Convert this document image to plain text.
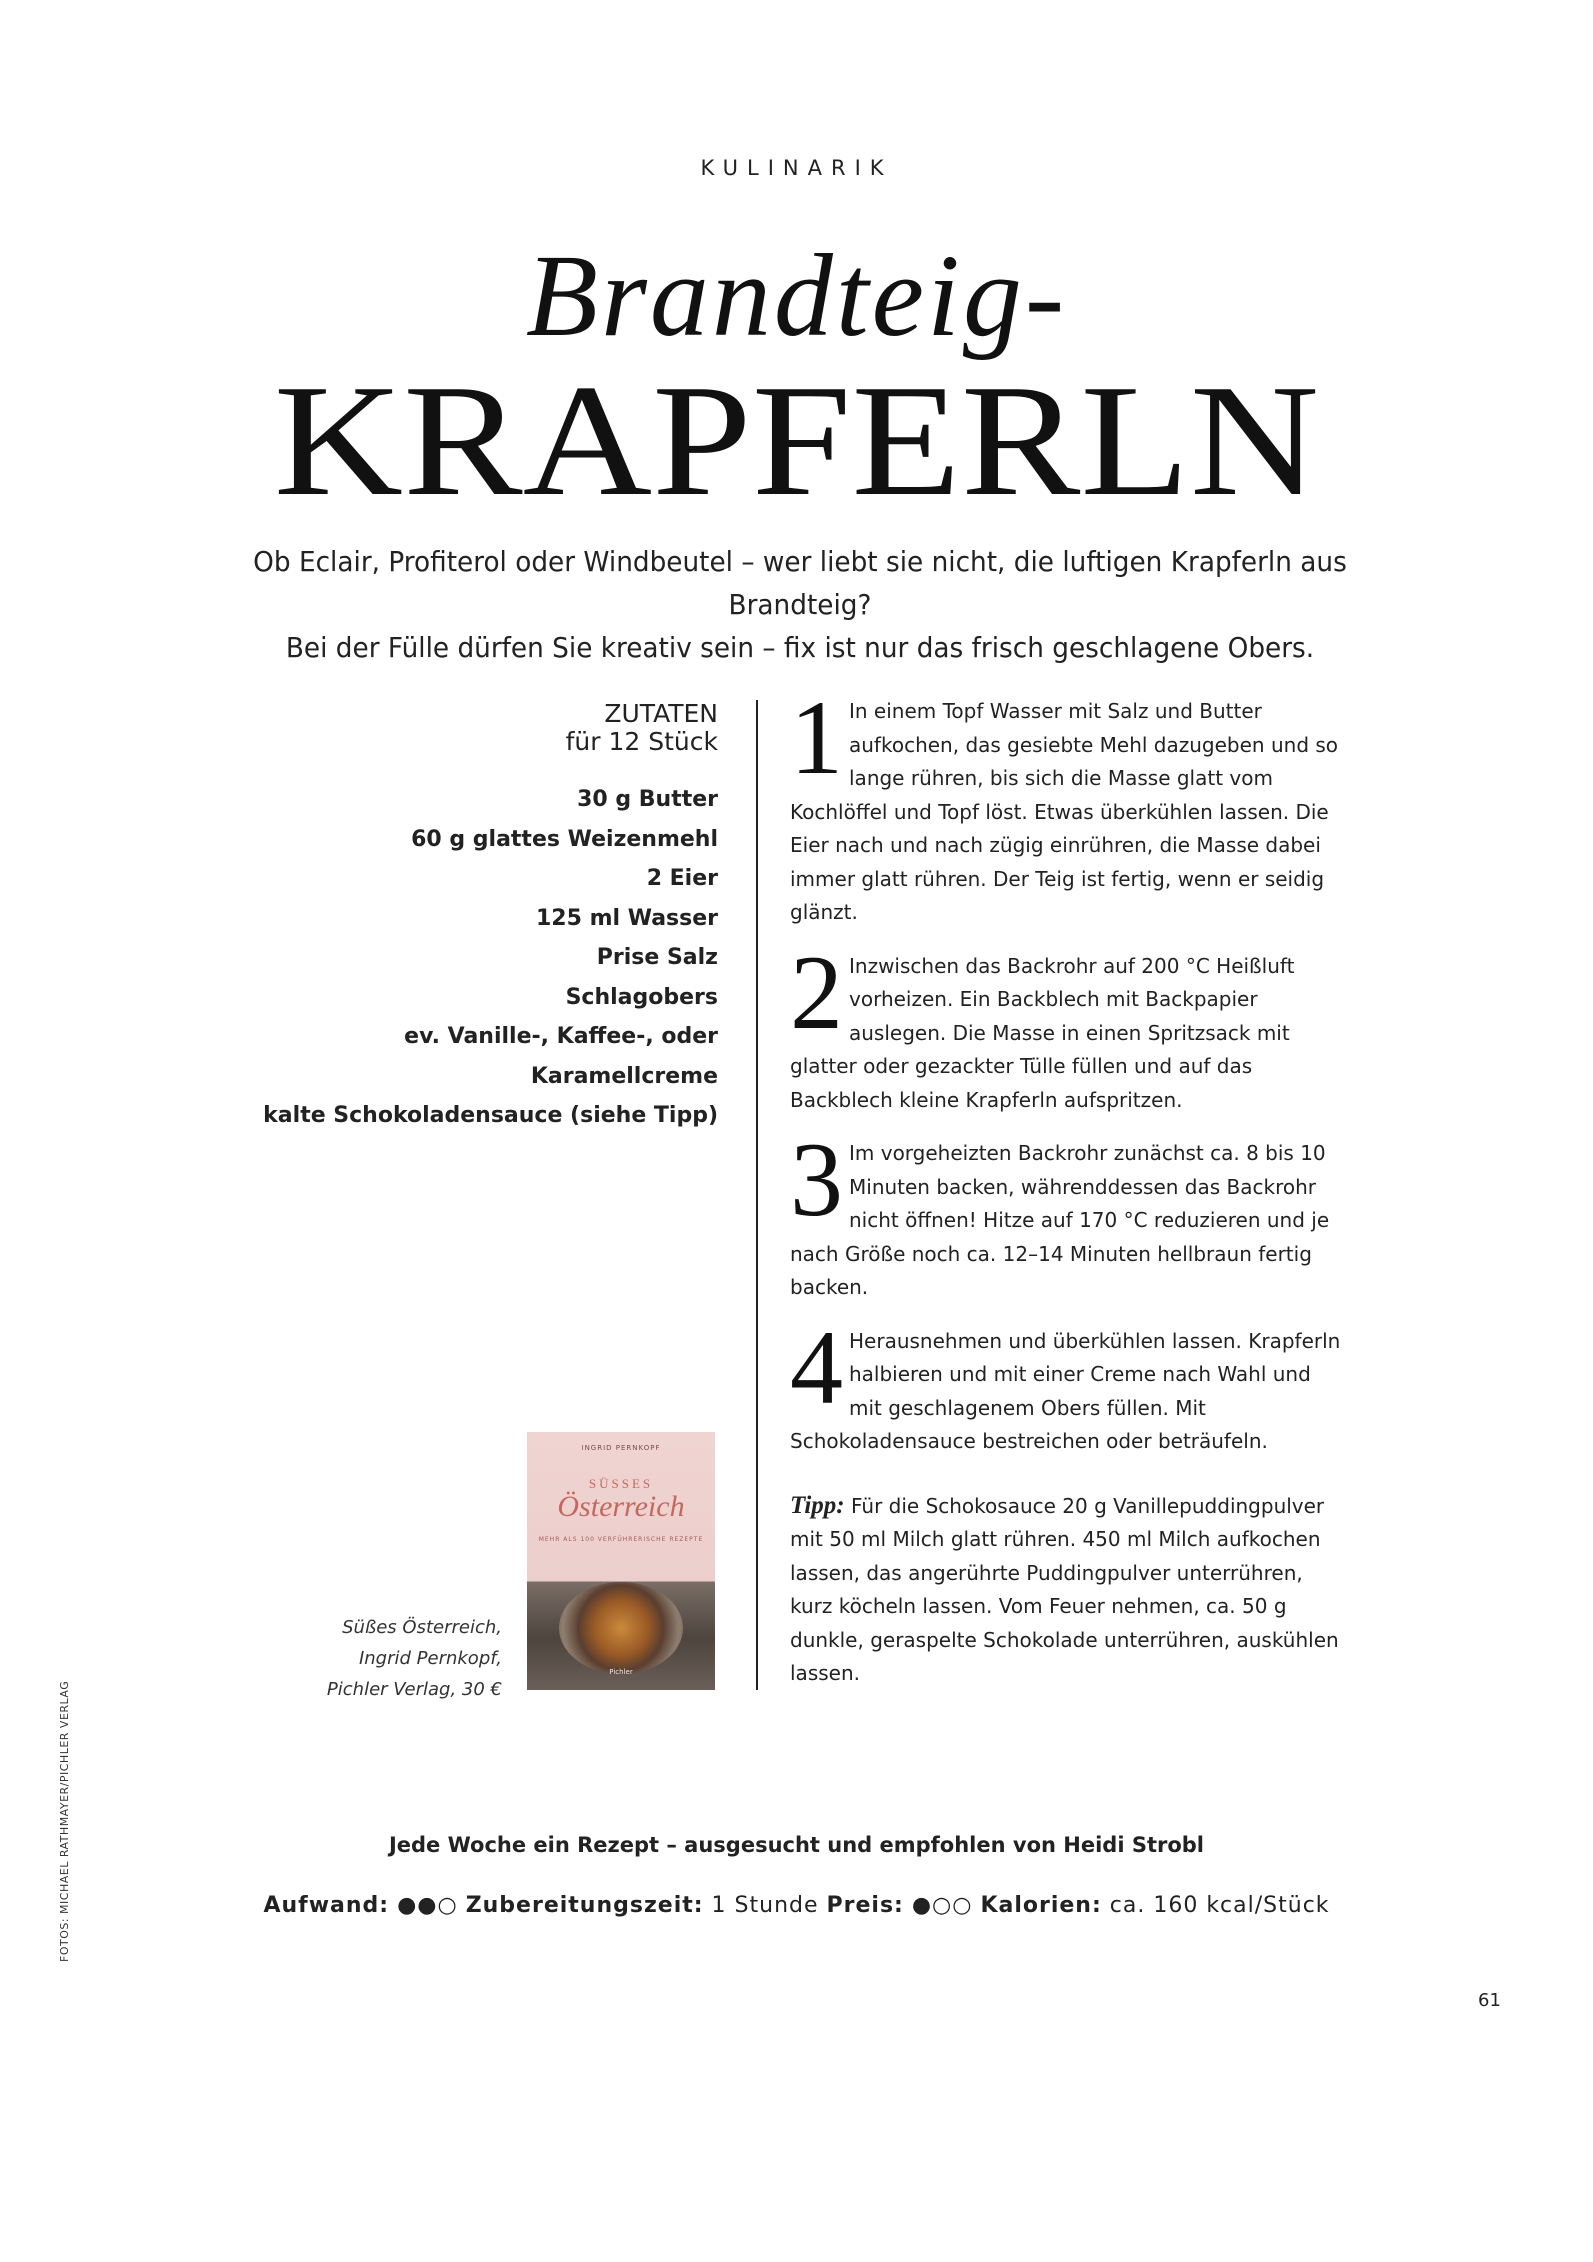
KULINARIK
Brandteig-
KRAPFERLN
Ob Eclair, Profiterol oder Windbeutel – wer liebt sie nicht, die luftigen Krapferln aus Brandteig?
Bei der Fülle dürfen Sie kreativ sein – fix ist nur das frisch geschlagene Obers.
ZUTATEN
für 12 Stück
30 g Butter
60 g glattes Weizenmehl
2 Eier
125 ml Wasser
Prise Salz
Schlagobers
ev. Vanille-, Kaffee-, oder
Karamellcreme
kalte Schokoladensauce (siehe Tipp)
1 In einem Topf Wasser mit Salz und Butter aufkochen, das gesiebte Mehl dazugeben und so lange rühren, bis sich die Masse glatt vom Kochlöffel und Topf löst. Etwas überkühlen lassen. Die Eier nach und nach zügig einrühren, die Masse dabei immer glatt rühren. Der Teig ist fertig, wenn er seidig glänzt.
2 Inzwischen das Backrohr auf 200 °C Heißluft vorheizen. Ein Backblech mit Backpapier auslegen. Die Masse in einen Spritzsack mit glatter oder gezackter Tülle füllen und auf das Backblech kleine Krapferln aufspritzen.
3 Im vorgeheizten Backrohr zunächst ca. 8 bis 10 Minuten backen, währenddessen das Backrohr nicht öffnen! Hitze auf 170 °C reduzieren und je nach Größe noch ca. 12–14 Minuten hellbraun fertig backen.
4 Herausnehmen und überkühlen lassen. Krapferln halbieren und mit einer Creme nach Wahl und mit geschlagenem Obers füllen. Mit Schokoladensauce bestreichen oder beträufeln.
Tipp: Für die Schokosauce 20 g Vanillepuddingpulver mit 50 ml Milch glatt rühren. 450 ml Milch aufkochen lassen, das angerührte Puddingpulver unterrühren, kurz köcheln lassen. Vom Feuer nehmen, ca. 50 g dunkle, geraspelte Schokolade unterrühren, auskühlen lassen.
INGRID PERNKOPF
SÜSSES
Österreich
MEHR ALS 100 VERFÜHRERISCHE REZEPTE
Pichler
Süßes Österreich,
Ingrid Pernkopf,
Pichler Verlag, 30 €
Jede Woche ein Rezept – ausgesucht und empfohlen von Heidi Strobl
Aufwand: ●●○ Zubereitungszeit: 1 Stunde Preis: ●○○ Kalorien: ca. 160 kcal/Stück
FOTOS: MICHAEL RATHMAYER/PICHLER VERLAG
61
